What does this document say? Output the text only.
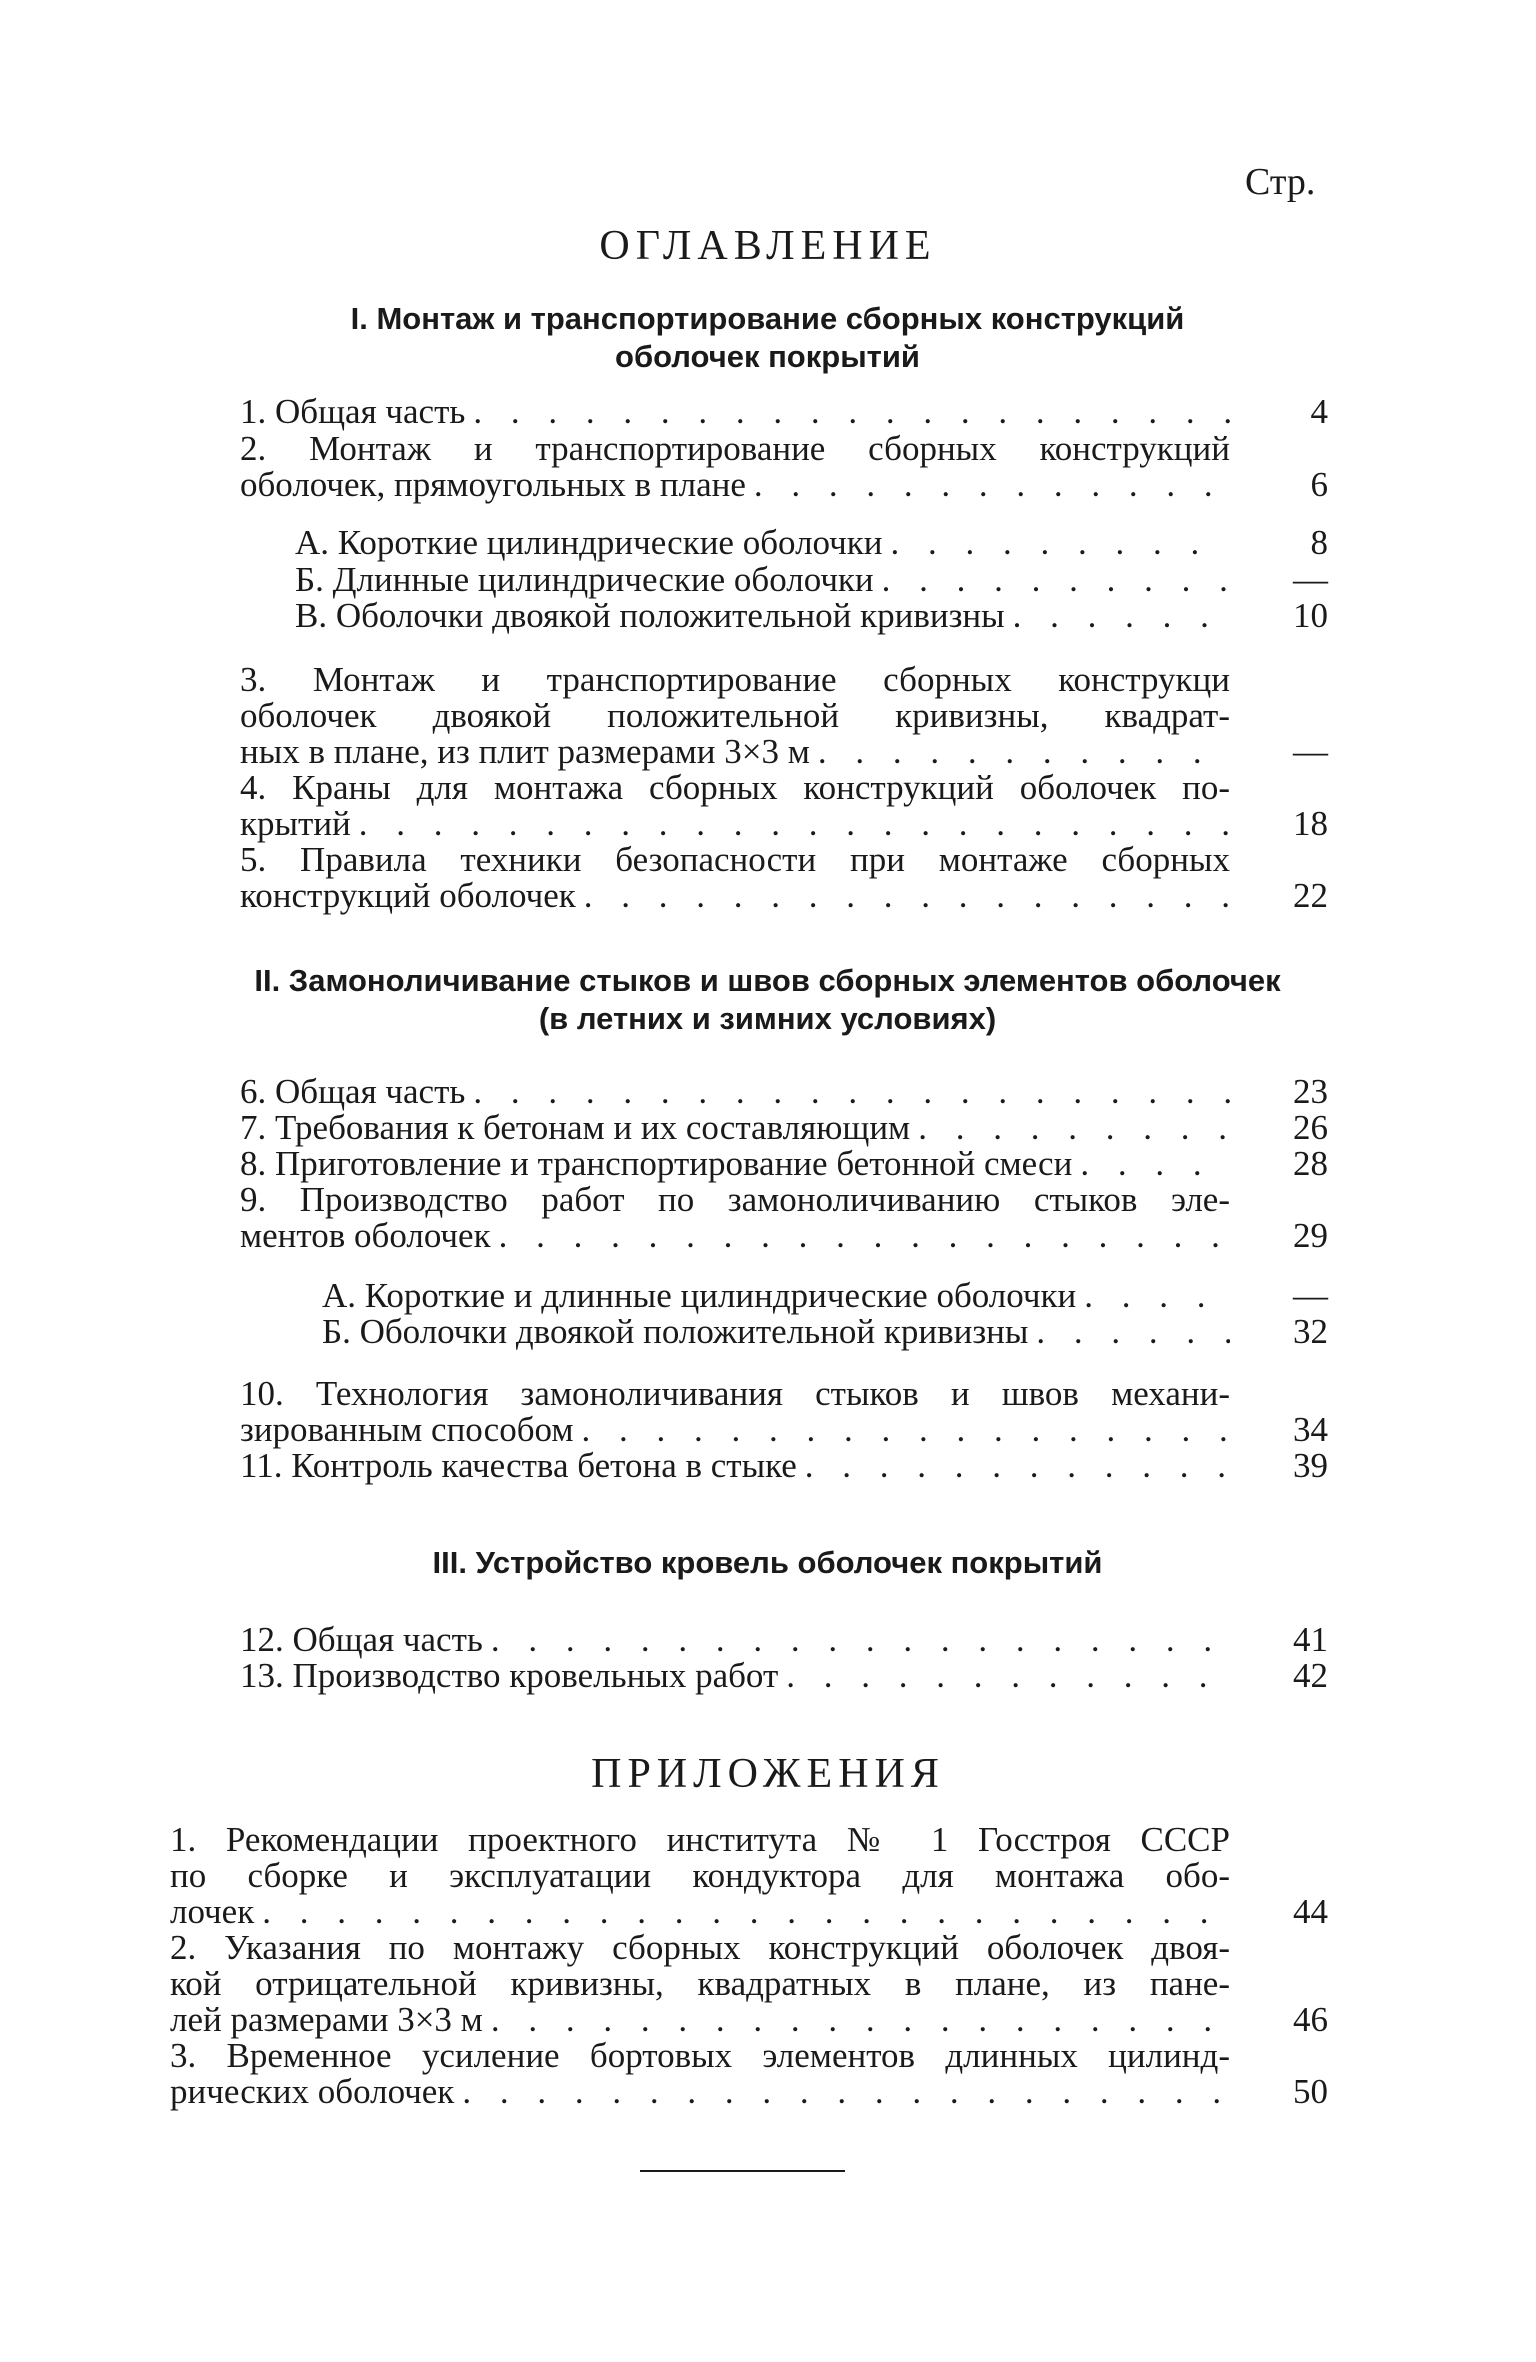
Стр.
ОГЛАВЛЕНИЕ
I. Монтаж и транспортирование сборных конструкций
оболочек покрытий
1. Общая часть . . .	4
2. Монтаж и транспортирование сборных конструкций
оболочек, прямоугольных в плане . . .	6
А. Короткие цилиндрические оболочки . . .	8
Б. Длинные цилиндрические оболочки . . .	—
В. Оболочки двоякой положительной кривизны . . .	10
3. Монтаж и транспортирование сборных конструкци
оболочек двоякой положительной кривизны, квадрат-
ных в плане, из плит размерами 3×3 м . . .	—
4. Краны для монтажа сборных конструкций оболочек по-
крытий . . .	18
5. Правила техники безопасности при монтаже сборных
конструкций оболочек . . .	22
II. Замоноличивание стыков и швов сборных элементов оболочек
(в летних и зимних условиях)
6. Общая часть . . .	23
7. Требования к бетонам и их составляющим . . .	26
8. Приготовление и транспортирование бетонной смеси . . .	28
9. Производство работ по замоноличиванию стыков эле-
ментов оболочек . . .	29
А. Короткие и длинные цилиндрические оболочки . . .	—
Б. Оболочки двоякой положительной кривизны . . .	32
10. Технология замоноличивания стыков и швов механи-
зированным способом . . .	34
11. Контроль качества бетона в стыке . . .	39
III. Устройство кровель оболочек покрытий
12. Общая часть . . .	41
13. Производство кровельных работ . . .	42
ПРИЛОЖЕНИЯ
1. Рекомендации проектного института № 1 Госстроя СССР
по сборке и эксплуатации кондуктора для монтажа обо-
лочек . . .	44
2. Указания по монтажу сборных конструкций оболочек двоя-
кой отрицательной кривизны, квадратных в плане, из пане-
лей размерами 3×3 м . . .	46
3. Временное усиление бортовых элементов длинных цилинд-
рических оболочек . . .	50
